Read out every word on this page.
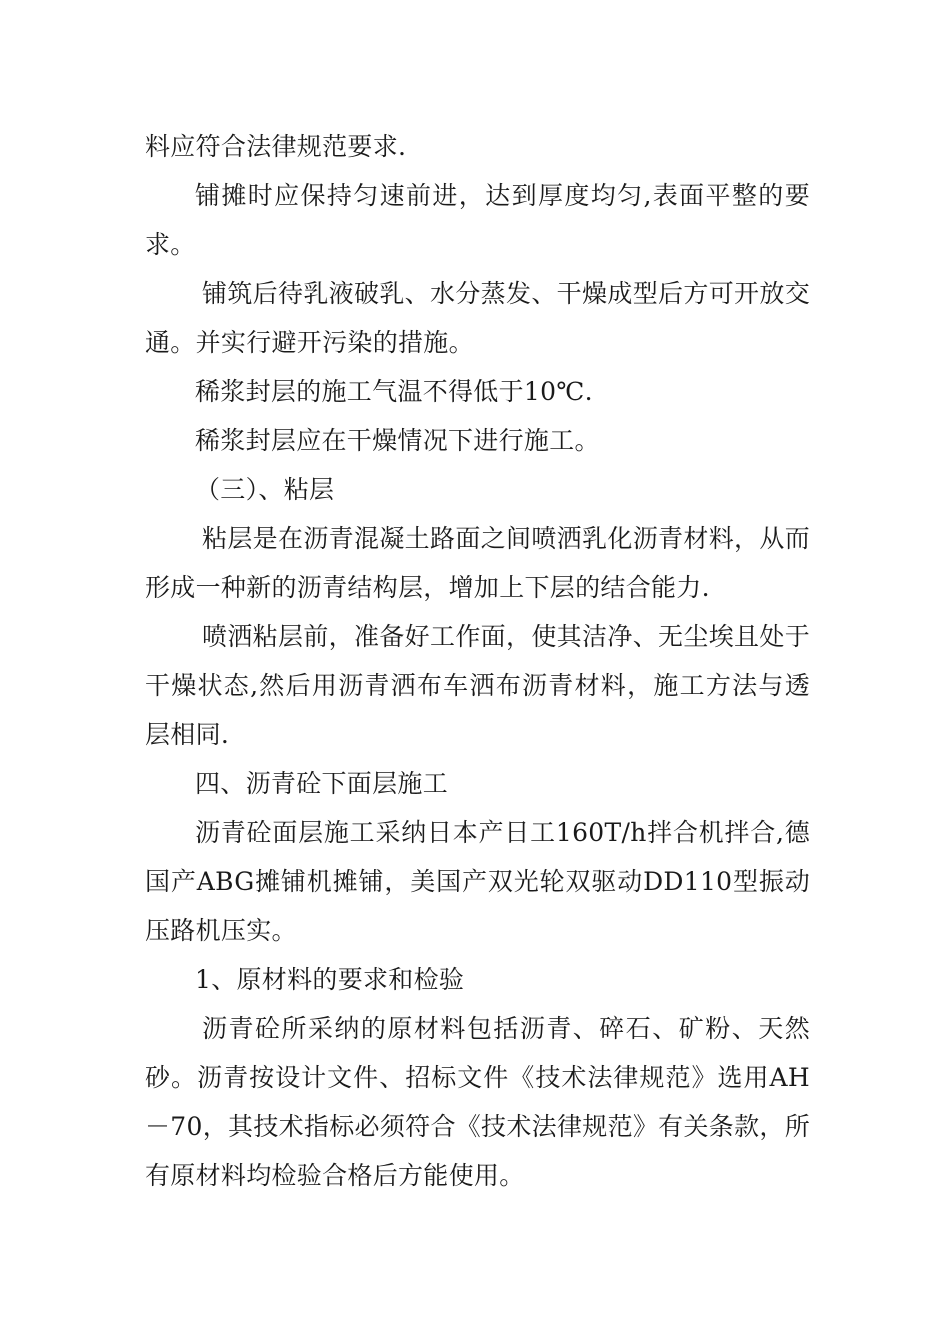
料应符合法律规范要求.

铺摊时应保持匀速前进，达到厚度均匀,表面平整的要求。

铺筑后待乳液破乳、水分蒸发、干燥成型后方可开放交通。并实行避开污染的措施。

稀浆封层的施工气温不得低于10℃.

稀浆封层应在干燥情况下进行施工。

（三）、粘层

粘层是在沥青混凝土路面之间喷洒乳化沥青材料，从而形成一种新的沥青结构层，增加上下层的结合能力.

喷洒粘层前，准备好工作面，使其洁净、无尘埃且处于干燥状态,然后用沥青洒布车洒布沥青材料，施工方法与透层相同.

四、沥青砼下面层施工

沥青砼面层施工采纳日本产日工160T/h拌合机拌合,德国产ABG摊铺机摊铺，美国产双光轮双驱动DD110型振动压路机压实。

1、原材料的要求和检验

沥青砼所采纳的原材料包括沥青、碎石、矿粉、天然砂。沥青按设计文件、招标文件《技术法律规范》选用AH－70，其技术指标必须符合《技术法律规范》有关条款，所有原材料均检验合格后方能使用。
